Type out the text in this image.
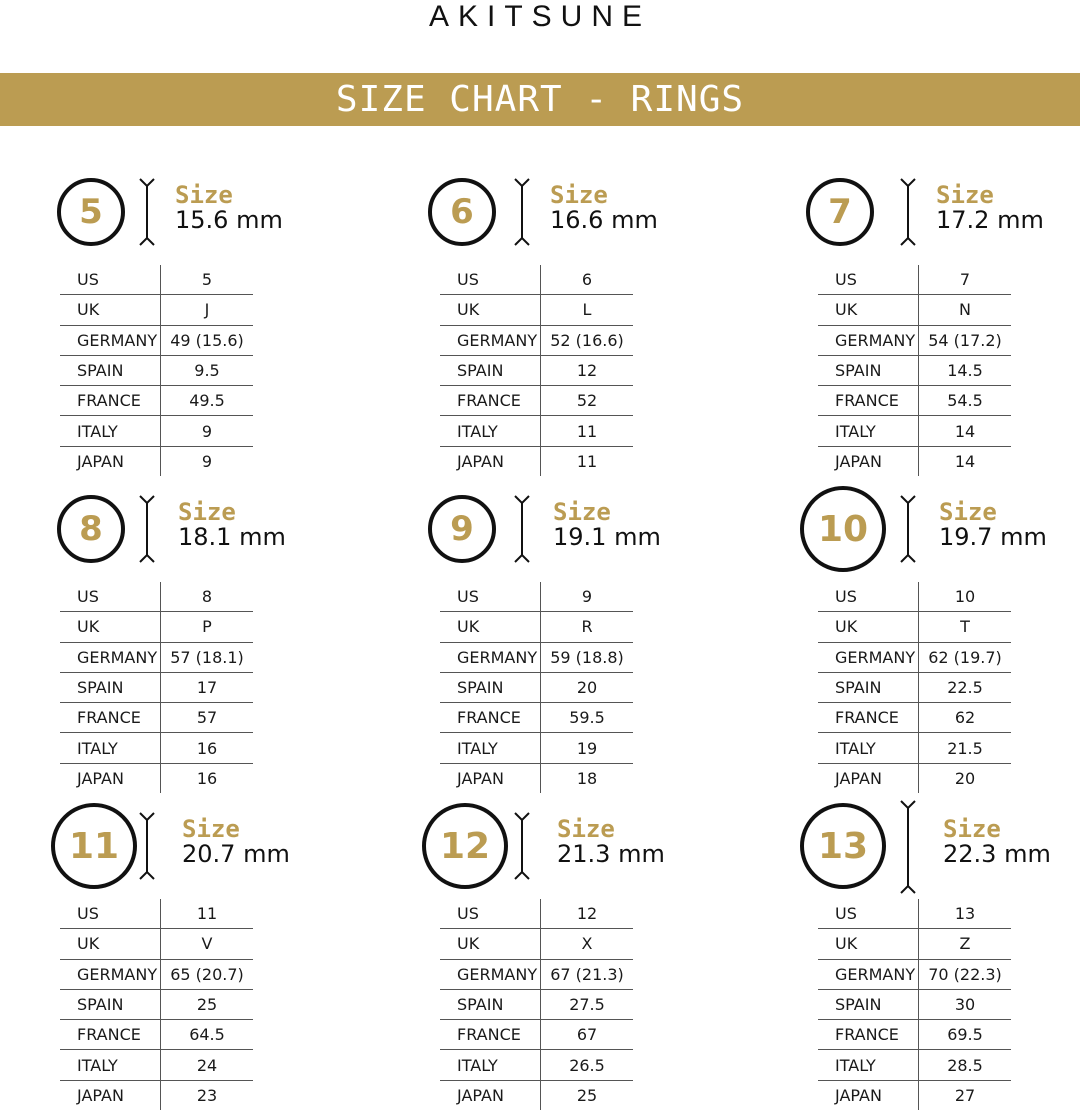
AKITSUNE
SIZE CHART - RINGS
5	Size
15.6 mm
US	5
UK	J
GERMANY	49 (15.6)
SPAIN	9.5
FRANCE	49.5
ITALY	9
JAPAN	9
6	Size
16.6 mm
US	6
UK	L
GERMANY	52 (16.6)
SPAIN	12
FRANCE	52
ITALY	11
JAPAN	11
7	Size
17.2 mm
US	7
UK	N
GERMANY	54 (17.2)
SPAIN	14.5
FRANCE	54.5
ITALY	14
JAPAN	14
8	Size
18.1 mm
US	8
UK	P
GERMANY	57 (18.1)
SPAIN	17
FRANCE	57
ITALY	16
JAPAN	16
9	Size
19.1 mm
US	9
UK	R
GERMANY	59 (18.8)
SPAIN	20
FRANCE	59.5
ITALY	19
JAPAN	18
10	Size
19.7 mm
US	10
UK	T
GERMANY	62 (19.7)
SPAIN	22.5
FRANCE	62
ITALY	21.5
JAPAN	20
11	Size
20.7 mm
US	11
UK	V
GERMANY	65 (20.7)
SPAIN	25
FRANCE	64.5
ITALY	24
JAPAN	23
12	Size
21.3 mm
US	12
UK	X
GERMANY	67 (21.3)
SPAIN	27.5
FRANCE	67
ITALY	26.5
JAPAN	25
13	Size
22.3 mm
US	13
UK	Z
GERMANY	70 (22.3)
SPAIN	30
FRANCE	69.5
ITALY	28.5
JAPAN	27
